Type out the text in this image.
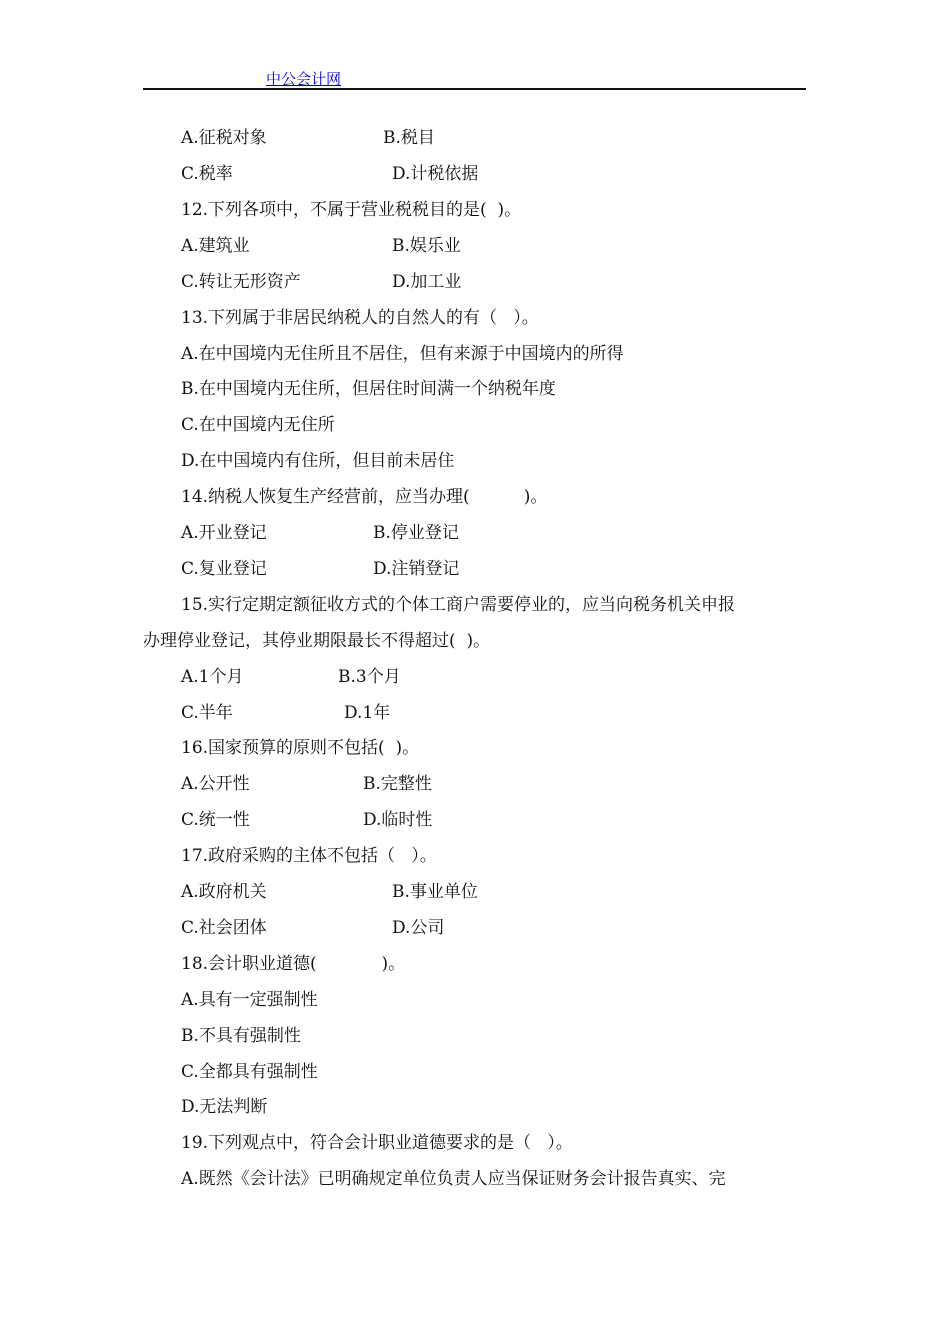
中公会计网
A.征税对象	B.税目
C.税率	D.计税依据
12.下列各项中，不属于营业税税目的是(  )。
A.建筑业	B.娱乐业
C.转让无形资产	D.加工业
13.下列属于非居民纳税人的自然人的有（   ）。
A.在中国境内无住所且不居住，但有来源于中国境内的所得
B.在中国境内无住所，但居住时间满一个纳税年度
C.在中国境内无住所
D.在中国境内有住所，但目前未居住
14.纳税人恢复生产经营前，应当办理(          )。
A.开业登记	B.停业登记
C.复业登记	D.注销登记
15.实行定期定额征收方式的个体工商户需要停业的，应当向税务机关申报
办理停业登记，其停业期限最长不得超过(  )。
A.1个月	B.3个月
C.半年	D.1年
16.国家预算的原则不包括(  )。
A.公开性	B.完整性
C.统一性	D.临时性
17.政府采购的主体不包括（   ）。
A.政府机关	B.事业单位
C.社会团体	D.公司
18.会计职业道德(            )。
A.具有一定强制性
B.不具有强制性
C.全都具有强制性
D.无法判断
19.下列观点中，符合会计职业道德要求的是（   ）。
A.既然《会计法》已明确规定单位负责人应当保证财务会计报告真实、完
